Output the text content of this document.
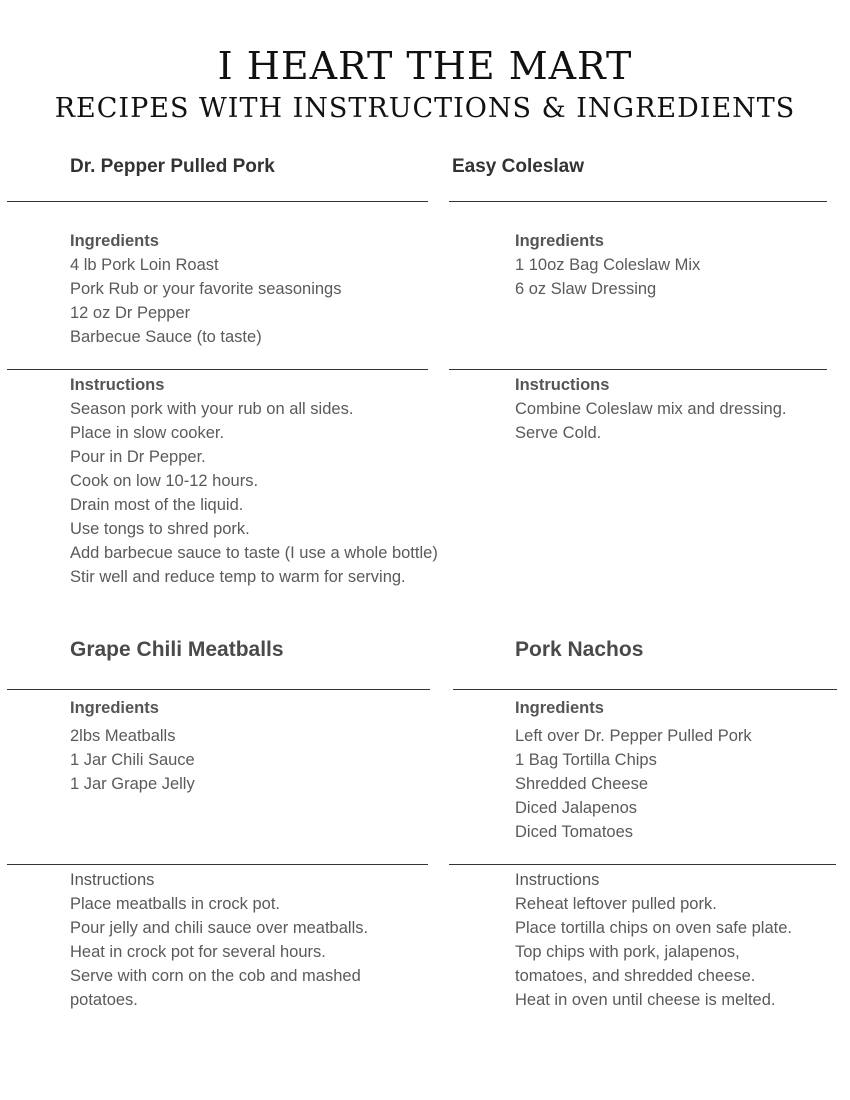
I HEART THE MART
RECIPES WITH INSTRUCTIONS & INGREDIENTS
Dr. Pepper Pulled Pork
Ingredients
4 lb Pork Loin Roast
Pork Rub or your favorite seasonings
12 oz Dr Pepper
Barbecue Sauce (to taste)
Instructions
Season pork with your rub on all sides.
Place in slow cooker.
Pour in Dr Pepper.
Cook on low 10-12 hours.
Drain most of the liquid.
Use tongs to shred pork.
Add barbecue sauce to taste (I use a whole bottle)
Stir well and reduce temp to warm for serving.
Easy Coleslaw
Ingredients
1 10oz Bag Coleslaw Mix
6 oz Slaw Dressing
Instructions
Combine Coleslaw mix and dressing.
Serve Cold.
Grape Chili Meatballs
Ingredients
2lbs Meatballs
1 Jar Chili Sauce
1 Jar Grape Jelly
Instructions
Place meatballs in crock pot.
Pour jelly and chili sauce over meatballs.
Heat in crock pot for several hours.
Serve with corn on the cob and mashed
potatoes.
Pork Nachos
Ingredients
Left over Dr. Pepper Pulled Pork
1 Bag Tortilla Chips
Shredded Cheese
Diced Jalapenos
Diced Tomatoes
Instructions
Reheat leftover pulled pork.
Place tortilla chips on oven safe plate.
Top chips with pork, jalapenos,
tomatoes, and shredded cheese.
Heat in oven until cheese is melted.
